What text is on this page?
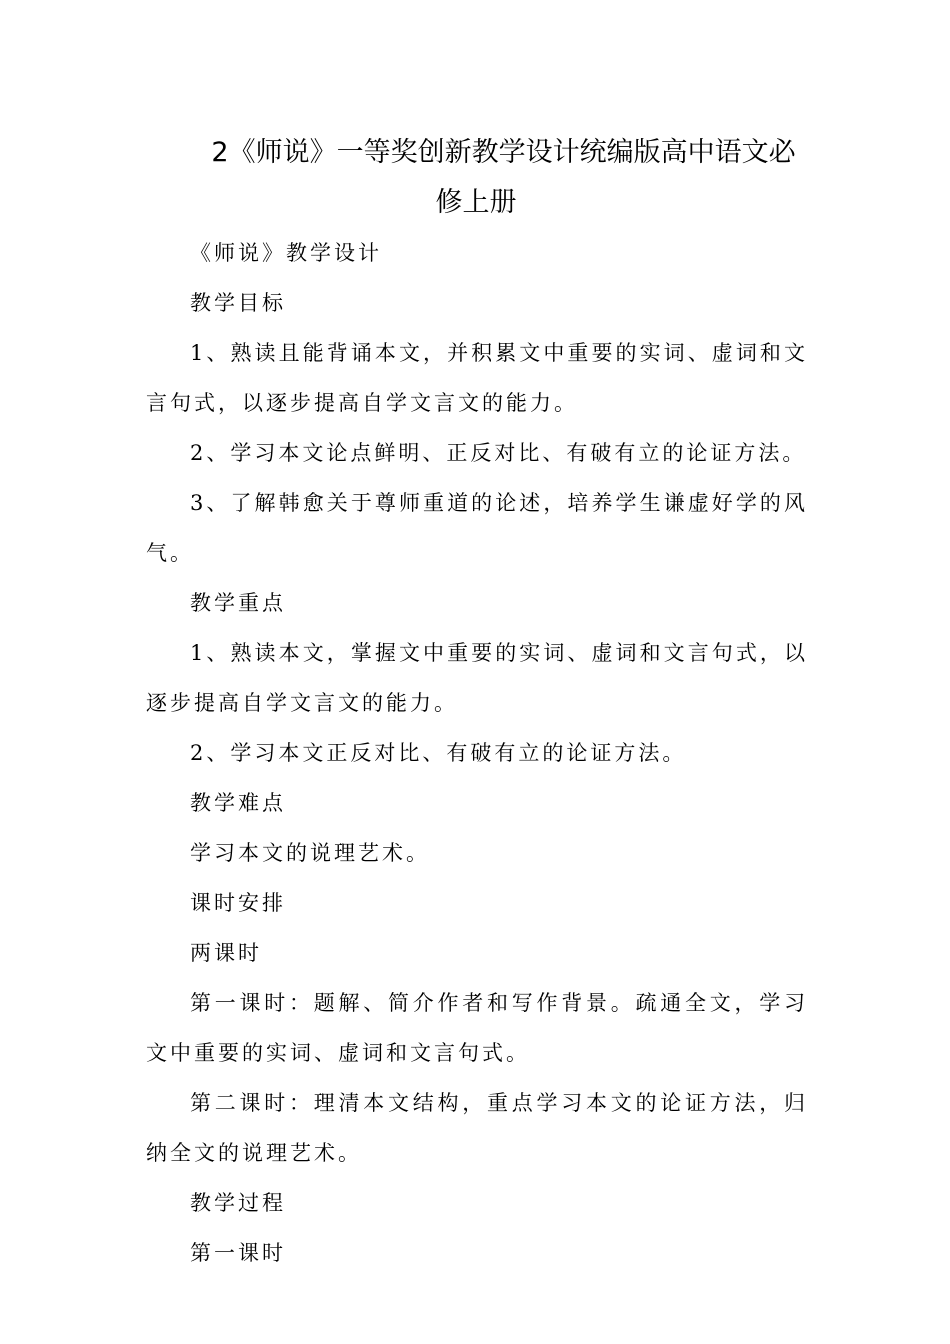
2《师说》一等奖创新教学设计统编版高中语文必修上册

《师说》教学设计

教学目标

1、熟读且能背诵本文，并积累文中重要的实词、虚词和文言句式，以逐步提高自学文言文的能力。

2、学习本文论点鲜明、正反对比、有破有立的论证方法。

3、了解韩愈关于尊师重道的论述，培养学生谦虚好学的风气。

教学重点

1、熟读本文，掌握文中重要的实词、虚词和文言句式，以逐步提高自学文言文的能力。

2、学习本文正反对比、有破有立的论证方法。

教学难点

学习本文的说理艺术。

课时安排

两课时

第一课时：题解、简介作者和写作背景。疏通全文，学习文中重要的实词、虚词和文言句式。

第二课时：理清本文结构，重点学习本文的论证方法，归纳全文的说理艺术。

教学过程

第一课时
